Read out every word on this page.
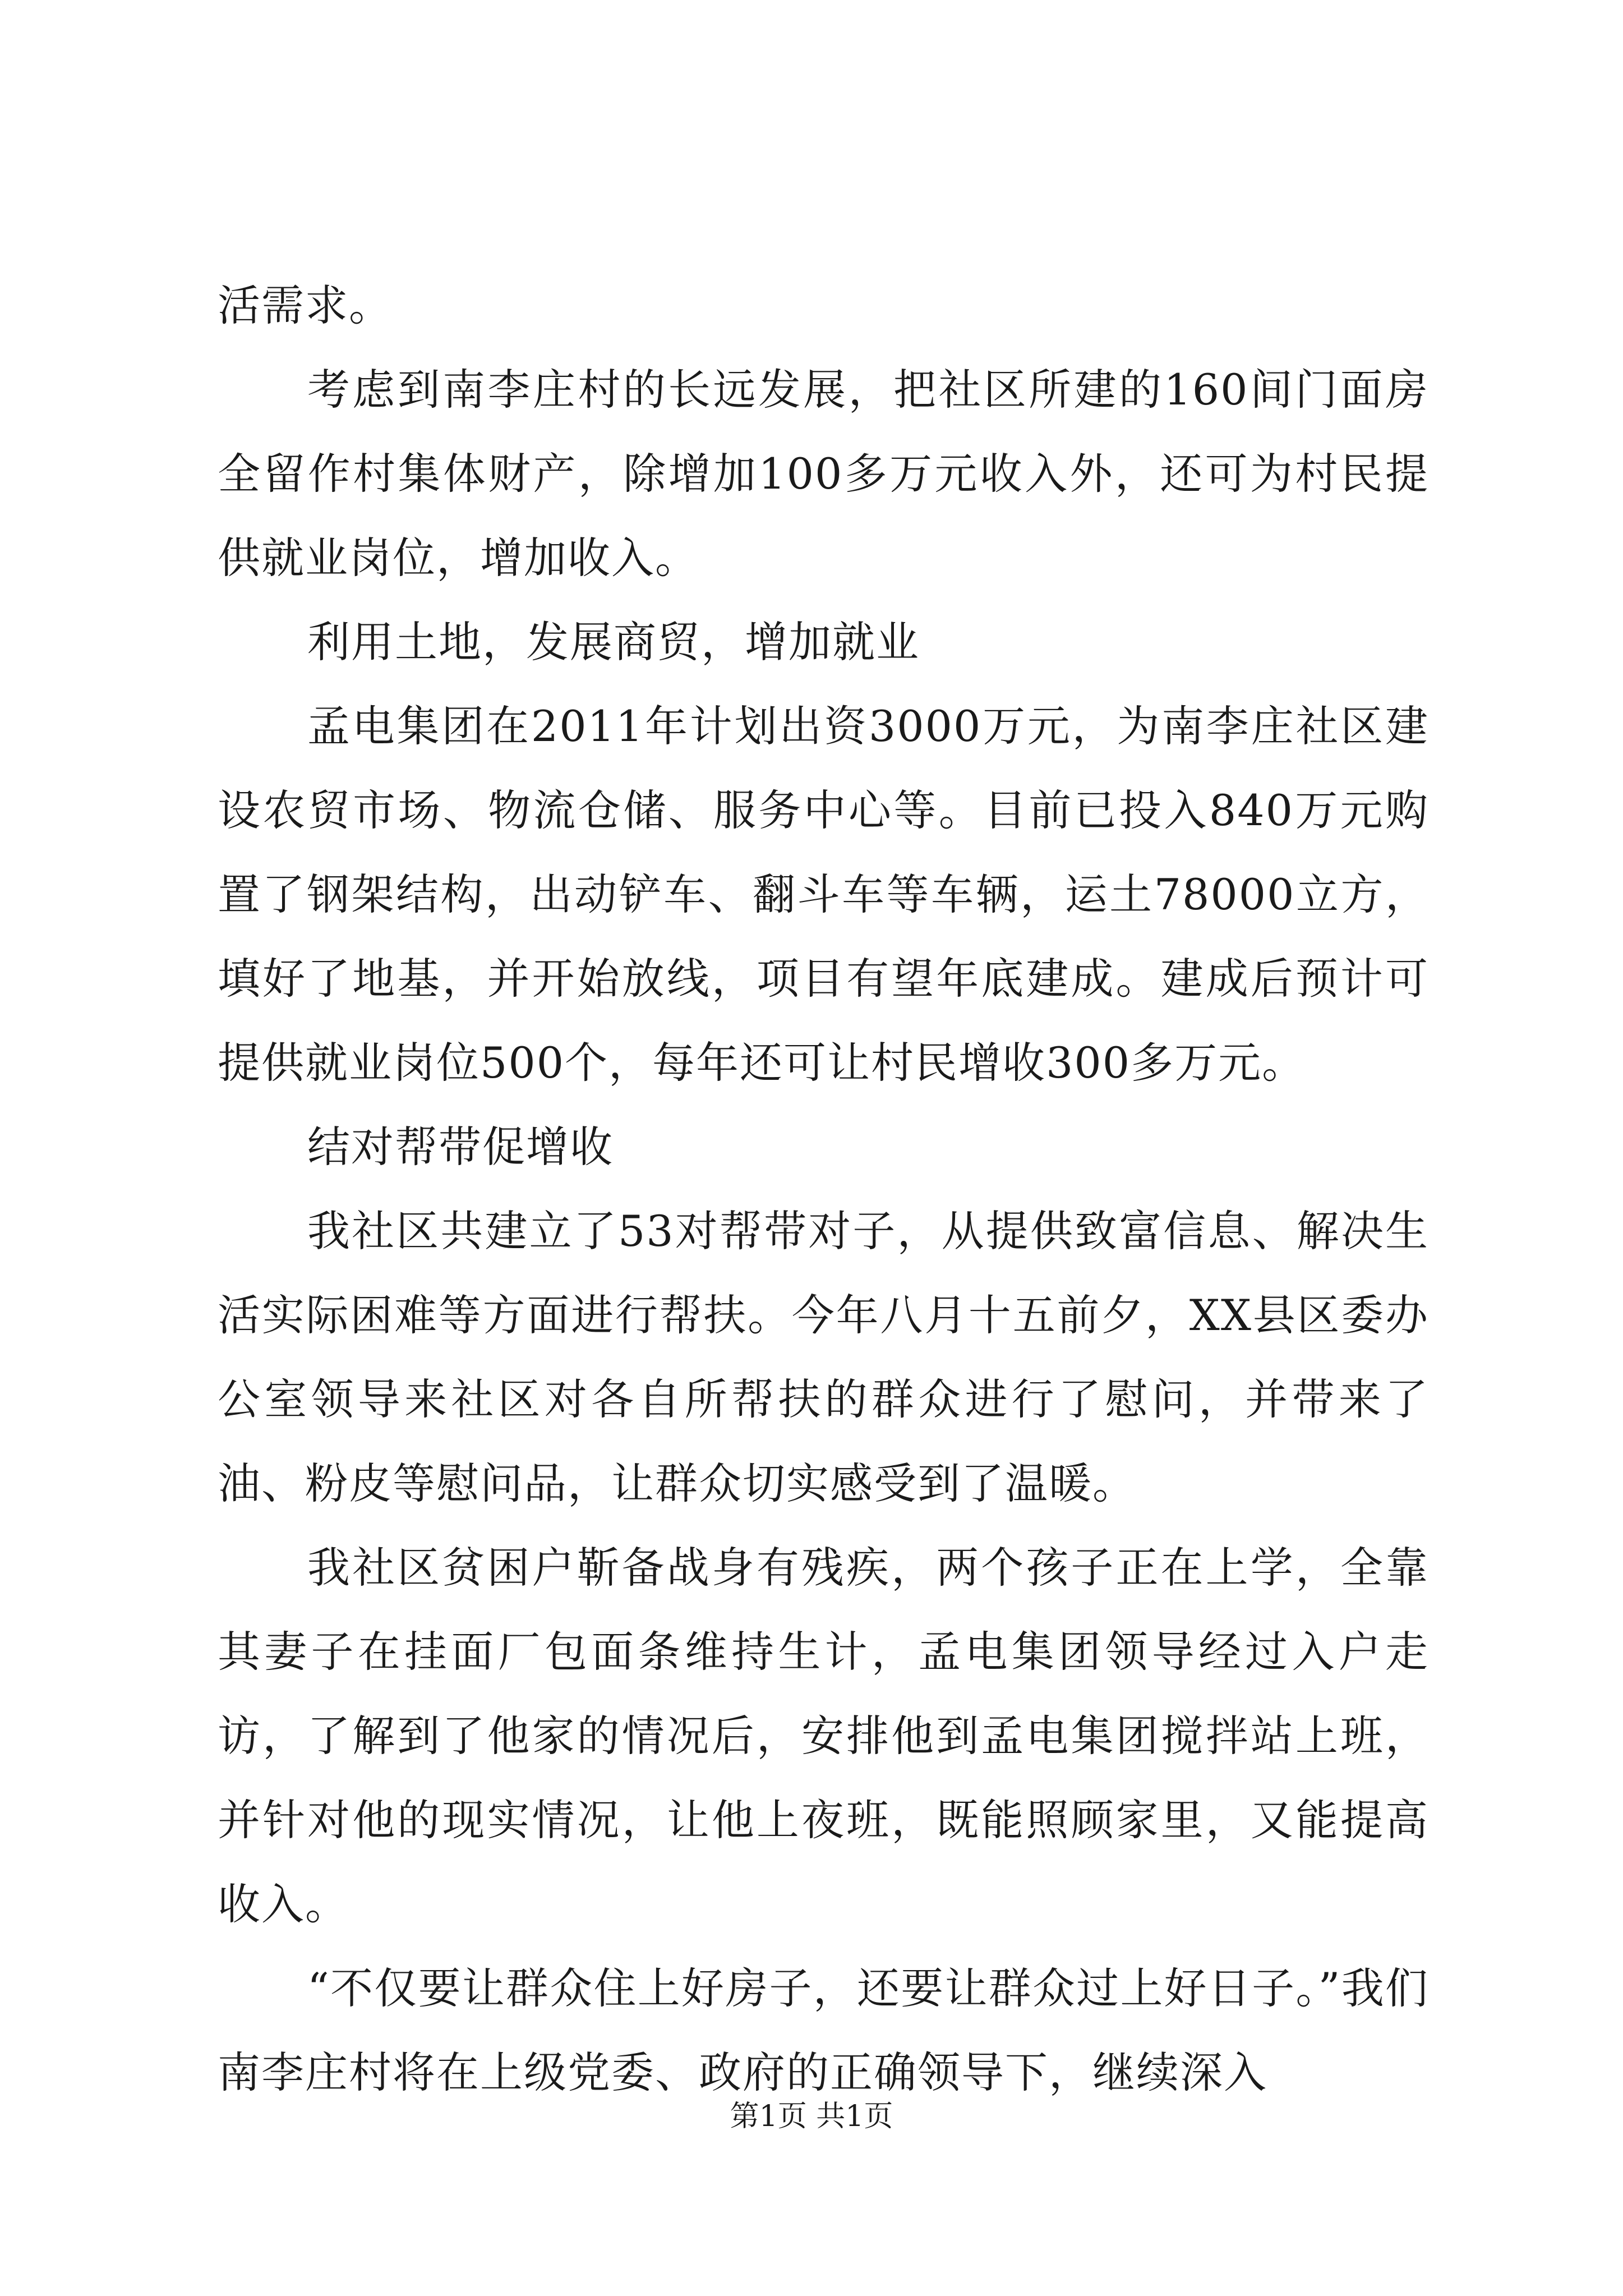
活需求。

考虑到南李庄村的长远发展，把社区所建的160间门面房全留作村集体财产，除增加100多万元收入外，还可为村民提供就业岗位，增加收入。

利用土地，发展商贸，增加就业

孟电集团在2011年计划出资3000万元，为南李庄社区建设农贸市场、物流仓储、服务中心等。目前已投入840万元购置了钢架结构，出动铲车、翻斗车等车辆，运土78000立方，填好了地基，并开始放线，项目有望年底建成。建成后预计可提供就业岗位500个，每年还可让村民增收300多万元。

结对帮带促增收

我社区共建立了53对帮带对子，从提供致富信息、解决生活实际困难等方面进行帮扶。今年八月十五前夕，XX县区委办公室领导来社区对各自所帮扶的群众进行了慰问，并带来了油、粉皮等慰问品，让群众切实感受到了温暖。

我社区贫困户靳备战身有残疾，两个孩子正在上学，全靠其妻子在挂面厂包面条维持生计，孟电集团领导经过入户走访，了解到了他家的情况后，安排他到孟电集团搅拌站上班，并针对他的现实情况，让他上夜班，既能照顾家里，又能提高收入。

“不仅要让群众住上好房子，还要让群众过上好日子。”我们南李庄村将在上级党委、政府的正确领导下，继续深入

第1页 共1页
